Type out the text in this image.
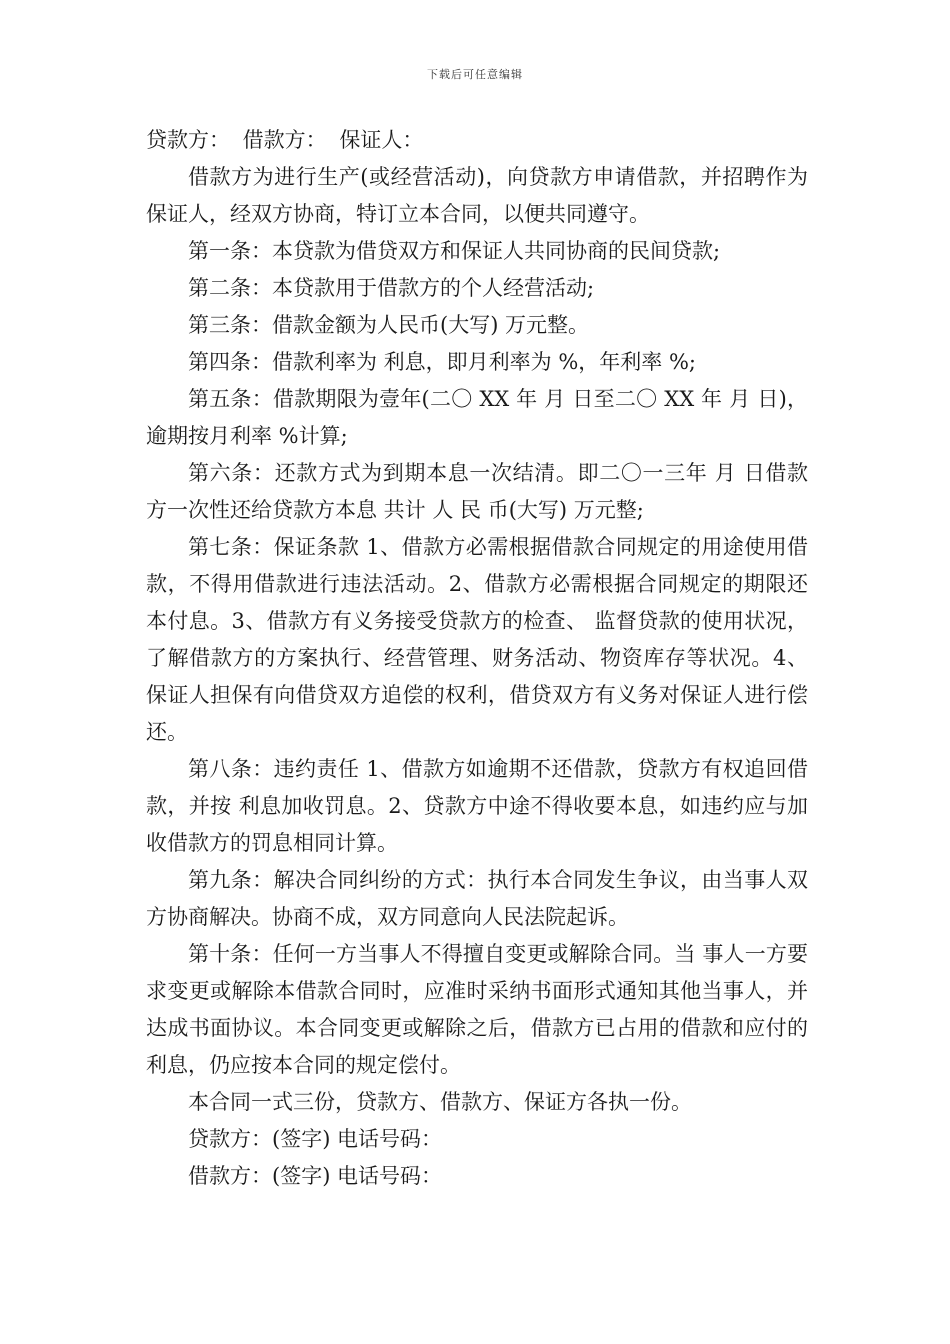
下载后可任意编辑

贷款方： 借款方： 保证人：

借款方为进行生产(或经营活动)，向贷款方申请借款，并招聘作为保证人，经双方协商，特订立本合同，以便共同遵守。

第一条：本贷款为借贷双方和保证人共同协商的民间贷款;

第二条：本贷款用于借款方的个人经营活动;

第三条：借款金额为人民币(大写) 万元整。

第四条：借款利率为 利息，即月利率为 %，年利率 %;

第五条：借款期限为壹年(二〇 XX 年 月 日至二〇 XX 年 月 日)，逾期按月利率 %计算;

第六条：还款方式为到期本息一次结清。即二〇一三年 月 日借款方一次性还给贷款方本息 共计 人 民 币(大写) 万元整;

第七条：保证条款 1、借款方必需根据借款合同规定的用途使用借款，不得用借款进行违法活动。2、借款方必需根据合同规定的期限还本付息。3、借款方有义务接受贷款方的检查、 监督贷款的使用状况， 了解借款方的方案执行、经营管理、财务活动、物资库存等状况。4、保证人担保有向借贷双方追偿的权利，借贷双方有义务对保证人进行偿还。

第八条：违约责任 1、借款方如逾期不还借款，贷款方有权追回借款，并按 利息加收罚息。2、贷款方中途不得收要本息，如违约应与加收借款方的罚息相同计算。

第九条：解决合同纠纷的方式：执行本合同发生争议，由当事人双方协商解决。协商不成，双方同意向人民法院起诉。

第十条：任何一方当事人不得擅自变更或解除合同。当 事人一方要求变更或解除本借款合同时，应准时采纳书面形式通知其他当事人，并达成书面协议。本合同变更或解除之后，借款方已占用的借款和应付的利息，仍应按本合同的规定偿付。

本合同一式三份，贷款方、借款方、保证方各执一份。

贷款方：(签字) 电话号码：

借款方：(签字) 电话号码：
